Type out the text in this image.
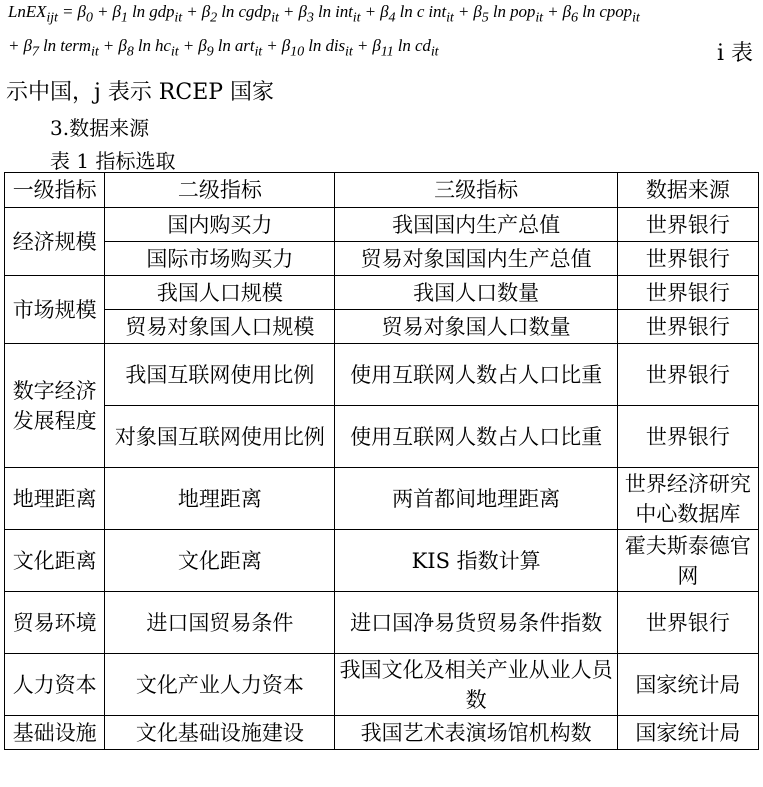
LnEX$_{ijt}$ = $\beta_0 + \beta_1$ $\ln gdp_{it} + \beta_2$ ln cgdp$_{it}$ + $\beta_3$ $\ln int_{it} + \beta_4$ ln c $int_{it} + \beta_5$ $\ln pop_{it} + \beta_6$ ln cpop$_{it}$
+ $\beta_7$ ln term$_{it}$ + $\beta_8$ $\ln hc_{it} + \beta_9$ $\ln art_{it} + \beta_{10}$ $\ln dis_{it} + \beta_{11}$ $\ln cd_{it}$	i 表
示中国，j 表示 RCEP 国家
3.数据来源
表 1 指标选取
一级指标	二级指标	三级指标	数据来源
经济规模	国内购买力	我国国内生产总值	世界银行
	国际市场购买力	贸易对象国国内生产总值	世界银行
市场规模	我国人口规模	我国人口数量	世界银行
	贸易对象国人口规模	贸易对象国人口数量	世界银行
数字经济发展程度	我国互联网使用比例	使用互联网人数占人口比重	世界银行
	对象国互联网使用比例	使用互联网人数占人口比重	世界银行
地理距离	地理距离	两首都间地理距离	世界经济研究中心数据库
文化距离	文化距离	KIS 指数计算	霍夫斯泰德官网
贸易环境	进口国贸易条件	进口国净易货贸易条件指数	世界银行
人力资本	文化产业人力资本	我国文化及相关产业从业人员数	国家统计局
基础设施	文化基础设施建设	我国艺术表演场馆机构数	国家统计局
